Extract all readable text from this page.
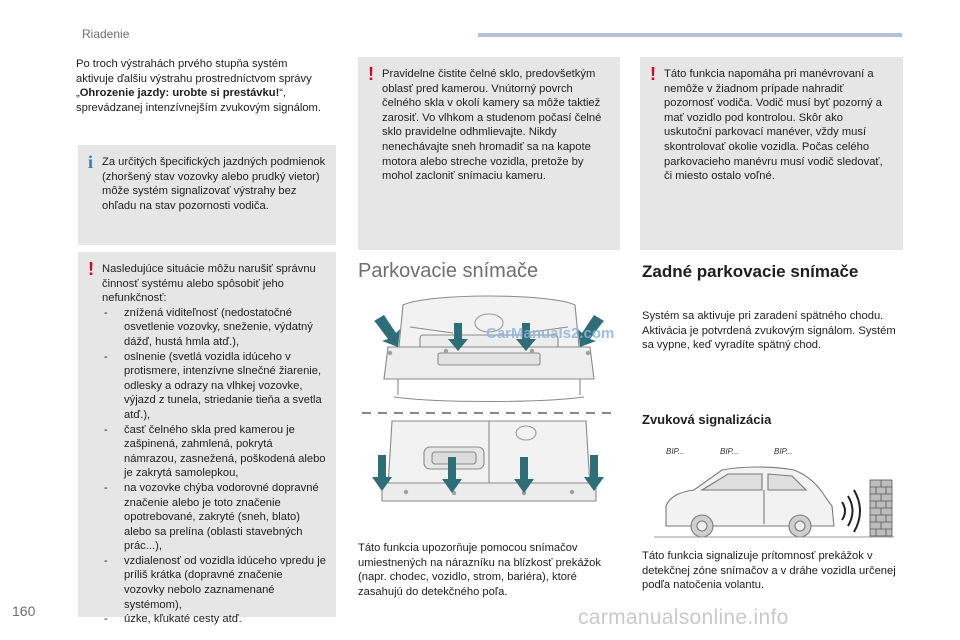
Riadenie
Po troch výstrahách prvého stupňa systém aktivuje ďalšiu výstrahu prostredníctvom správy „Ohrozenie jazdy: urobte si prestávku!“, sprevádzanej intenzívnejším zvukovým signálom.
i Za určitých špecifických jazdných podmienok (zhoršený stav vozovky alebo prudký vietor) môže systém signalizovať výstrahy bez ohľadu na stav pozornosti vodiča.
! Nasledujúce situácie môžu narušiť správnu činnosť systému alebo spôsobiť jeho nefunkčnosť:
- znížená viditeľnosť (nedostatočné osvetlenie vozovky, sneženie, výdatný dážď, hustá hmla atď.),
- oslnenie (svetlá vozidla idúceho v protismere, intenzívne slnečné žiarenie, odlesky a odrazy na vlhkej vozovke, výjazd z tunela, striedanie tieňa a svetla atď.),
- časť čelného skla pred kamerou je zašpinená, zahmlená, pokrytá námrazou, zasnežená, poškodená alebo je zakrytá samolepkou,
- na vozovke chýba vodorovné dopravné značenie alebo je toto značenie opotrebované, zakryté (sneh, blato) alebo sa prelína (oblasti stavebných prác...),
- vzdialenosť od vozidla idúceho vpredu je príliš krátka (dopravné značenie vozovky nebolo zaznamenané systémom),
- úzke, kľukaté cesty atď.
! Pravidelne čistite čelné sklo, predovšetkým oblasť pred kamerou. Vnútorný povrch čelného skla v okolí kamery sa môže taktiež zarosiť. Vo vlhkom a studenom počasí čelné sklo pravidelne odhmlievajte. Nikdy nenechávajte sneh hromadiť sa na kapote motora alebo streche vozidla, pretože by mohol zacloniť snímaciu kameru.
! Táto funkcia napomáha pri manévrovaní a nemôže v žiadnom prípade nahradiť pozornosť vodiča. Vodič musí byť pozorný a mať vozidlo pod kontrolou. Skôr ako uskutoční parkovací manéver, vždy musí skontrolovať okolie vozidla. Počas celého parkovacieho manévru musí vodič sledovať, či miesto ostalo voľné.
Parkovacie snímače	Zadné parkovacie snímače
Zvuková signalizácia
CarManuals2.com
BIP...	BIP...	BIP...
Táto funkcia upozorňuje pomocou snímačov umiestnených na nárazníku na blízkosť prekážok (napr. chodec, vozidlo, strom, bariéra), ktoré zasahujú do detekčného poľa.
Systém sa aktivuje pri zaradení spätného chodu. Aktivácia je potvrdená zvukovým signálom. Systém sa vypne, keď vyradíte spätný chod.
Táto funkcia signalizuje prítomnosť prekážok v detekčnej zóne snímačov a v dráhe vozidla určenej podľa natočenia volantu.
160	carmanualsonline.info
